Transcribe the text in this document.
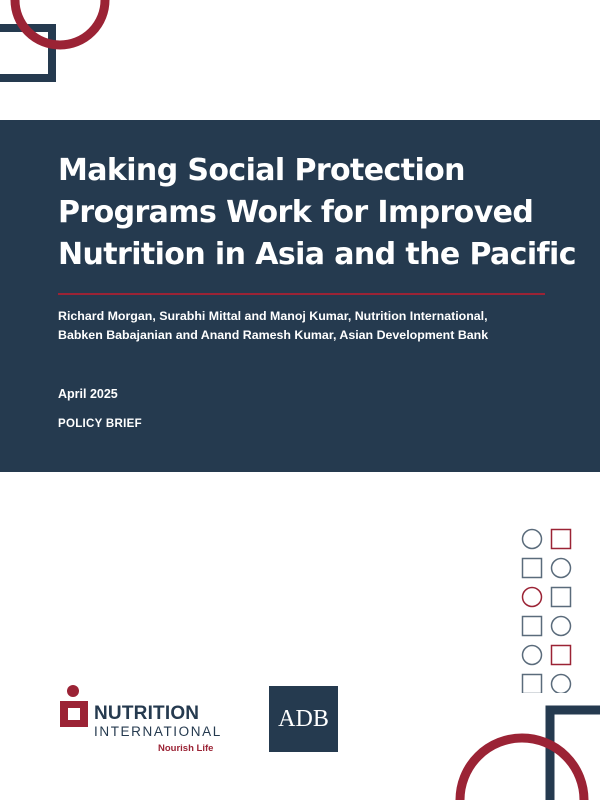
Making Social Protection
Programs Work for Improved
Nutrition in Asia and the Pacific
Richard Morgan, Surabhi Mittal and Manoj Kumar, Nutrition International,
Babken Babajanian and Anand Ramesh Kumar, Asian Development Bank
April 2025
POLICY BRIEF
NUTRITION
INTERNATIONAL
Nourish Life
ADB
